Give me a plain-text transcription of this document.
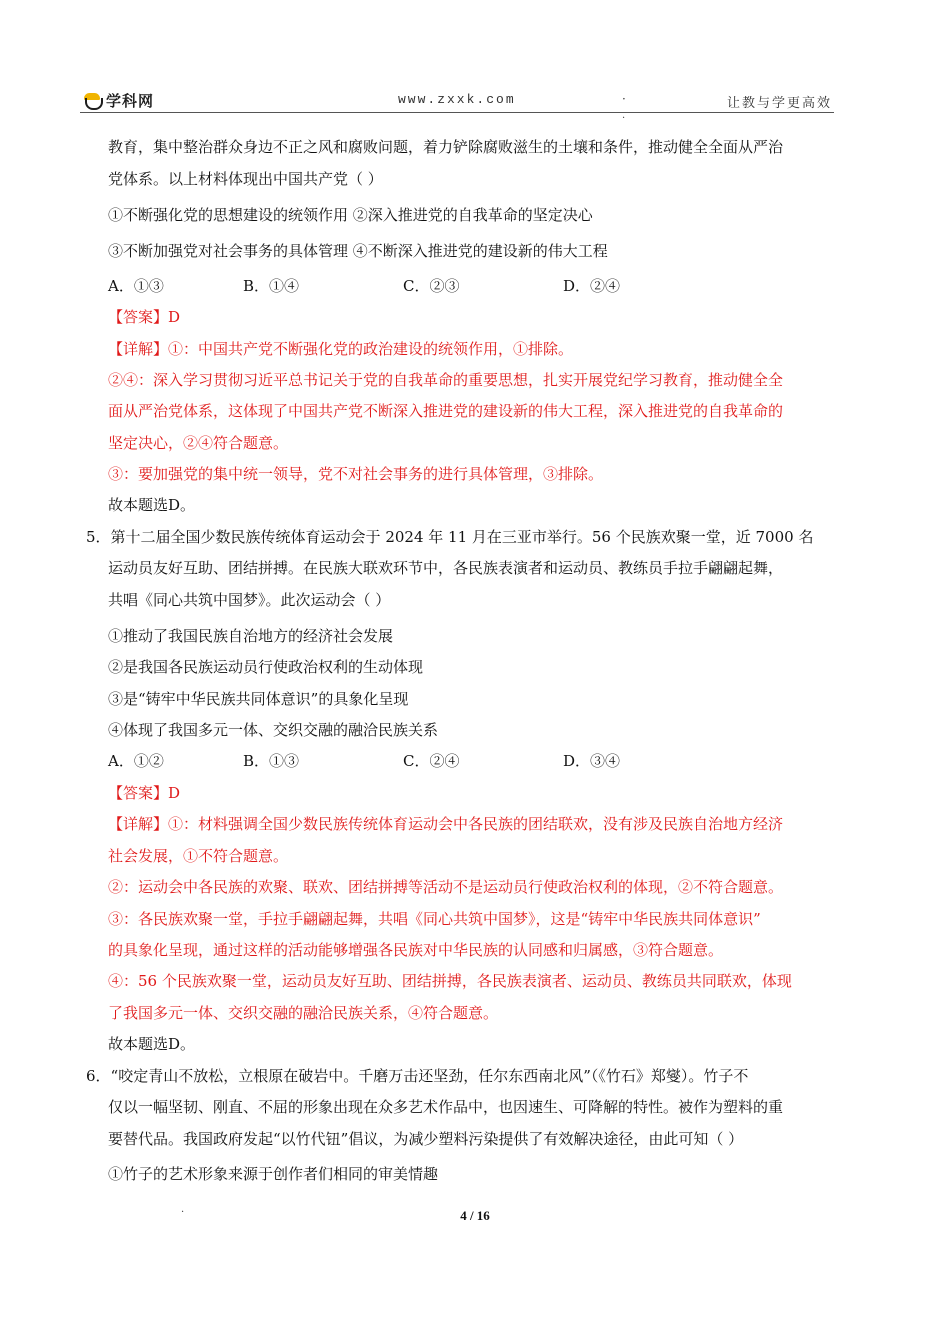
学科网	www.zxxk.com	·	让教与学更高效
·
教育，集中整治群众身边不正之风和腐败问题，着力铲除腐败滋生的土壤和条件，推动健全全面从严治
党体系。以上材料体现出中国共产党（ ）
①不断强化党的思想建设的统领作用 ②深入推进党的自我革命的坚定决心
③不断加强党对社会事务的具体管理 ④不断深入推进党的建设新的伟大工程
A．①③	B．①④	C．②③	D．②④
【答案】D
【详解】①：中国共产党不断强化党的政治建设的统领作用，①排除。
②④：深入学习贯彻习近平总书记关于党的自我革命的重要思想，扎实开展党纪学习教育，推动健全全
面从严治党体系，这体现了中国共产党不断深入推进党的建设新的伟大工程，深入推进党的自我革命的
坚定决心，②④符合题意。
③：要加强党的集中统一领导，党不对社会事务的进行具体管理，③排除。
故本题选D。
5．第十二届全国少数民族传统体育运动会于 2024 年 11 月在三亚市举行。56 个民族欢聚一堂，近 7000 名
运动员友好互助、团结拼搏。在民族大联欢环节中，各民族表演者和运动员、教练员手拉手翩翩起舞，
共唱《同心共筑中国梦》。此次运动会（ ）
①推动了我国民族自治地方的经济社会发展
②是我国各民族运动员行使政治权利的生动体现
③是“铸牢中华民族共同体意识”的具象化呈现
④体现了我国多元一体、交织交融的融洽民族关系
A．①②	B．①③	C．②④	D．③④
【答案】D
【详解】①：材料强调全国少数民族传统体育运动会中各民族的团结联欢，没有涉及民族自治地方经济
社会发展，①不符合题意。
②：运动会中各民族的欢聚、联欢、团结拼搏等活动不是运动员行使政治权利的体现，②不符合题意。
③：各民族欢聚一堂，手拉手翩翩起舞，共唱《同心共筑中国梦》，这是“铸牢中华民族共同体意识”
的具象化呈现，通过这样的活动能够增强各民族对中华民族的认同感和归属感，③符合题意。
④：56 个民族欢聚一堂，运动员友好互助、团结拼搏，各民族表演者、运动员、教练员共同联欢，体现
了我国多元一体、交织交融的融洽民族关系，④符合题意。
故本题选D。
6．“咬定青山不放松，立根原在破岩中。千磨万击还坚劲，任尔东西南北风”（《竹石》郑燮）。竹子不
仅以一幅坚韧、刚直、不屈的形象出现在众多艺术作品中，也因速生、可降解的特性。被作为塑料的重
要替代品。我国政府发起“以竹代钮”倡议，为减少塑料污染提供了有效解决途径，由此可知（ ）
①竹子的艺术形象来源于创作者们相同的审美情趣
·	4 / 16
